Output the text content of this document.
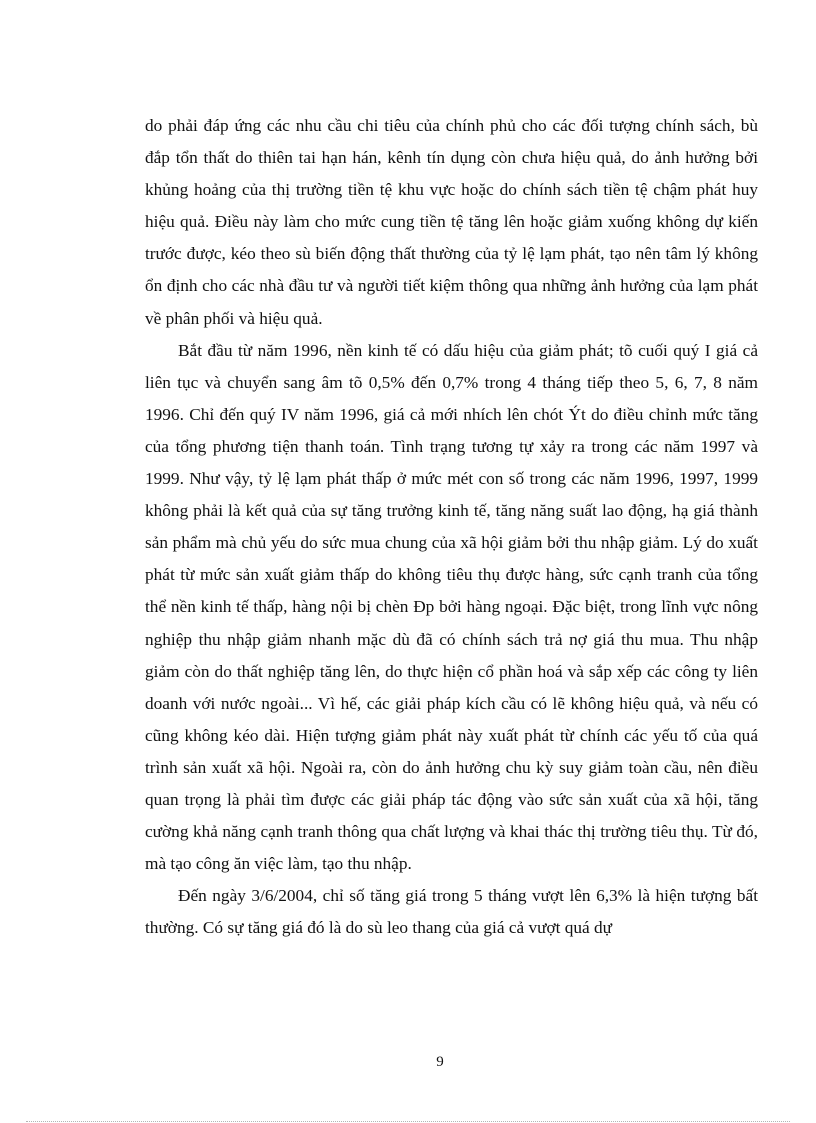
do phải đáp ứng các nhu cầu chi tiêu của chính phủ cho các đối tượng chính sách, bù đắp tổn thất do thiên tai hạn hán, kênh tín dụng còn chưa hiệu quả, do ảnh hưởng bởi khủng hoảng của thị trường tiền tệ khu vực hoặc do chính sách tiền tệ chậm phát huy hiệu quả. Điều này làm cho mức cung tiền tệ tăng lên hoặc giảm xuống không dự kiến trước được, kéo theo sù biến động thất thường của tỷ lệ lạm phát, tạo nên tâm lý không ổn định cho các nhà đầu tư và người tiết kiệm thông qua những ảnh hưởng của lạm phát về phân phối và hiệu quả.

Bắt đầu từ năm 1996, nền kinh tế có dấu hiệu của giảm phát; tõ cuối quý I giá cả liên tục và chuyển sang âm tõ 0,5% đến 0,7% trong 4 tháng tiếp theo 5, 6, 7, 8 năm 1996. Chỉ đến quý IV năm 1996, giá cả mới nhích lên chót Ýt do điều chỉnh mức tăng của tổng phương tiện thanh toán. Tình trạng tương tự xảy ra trong các năm 1997 và 1999. Như vậy, tỷ lệ lạm phát thấp ở mức mét con số trong các năm 1996, 1997, 1999 không phải là kết quả của sự tăng trưởng kinh tế, tăng năng suất lao động, hạ giá thành sản phẩm mà chủ yếu do sức mua chung của xã hội giảm bởi thu nhập giảm. Lý do xuất phát từ mức sản xuất giảm thấp do không tiêu thụ được hàng, sức cạnh tranh của tổng thể nền kinh tế thấp, hàng nội bị chèn Ðp bởi hàng ngoại. Đặc biệt, trong lĩnh vực nông nghiệp thu nhập giảm nhanh mặc dù đã có chính sách trả nợ giá thu mua. Thu nhập giảm còn do thất nghiệp tăng lên, do thực hiện cổ phần hoá và sắp xếp các công ty liên doanh với nước ngoài... Vì hế, các giải pháp kích cầu có lẽ không hiệu quả, và nếu có cũng không kéo dài. Hiện tượng giảm phát này xuất phát từ chính các yếu tố của quá trình sản xuất xã hội. Ngoài ra, còn do ảnh hưởng chu kỳ suy giảm toàn cầu, nên điều quan trọng là phải tìm được các giải pháp tác động vào sức sản xuất của xã hội, tăng cường khả năng cạnh tranh thông qua chất lượng và khai thác thị trường tiêu thụ. Từ đó, mà tạo công ăn việc làm, tạo thu nhập.

Đến ngày 3/6/2004, chỉ số tăng giá trong 5 tháng vượt lên 6,3% là hiện tượng bất thường. Có sự tăng giá đó là do sù leo thang của giá cả vượt quá dự

9
